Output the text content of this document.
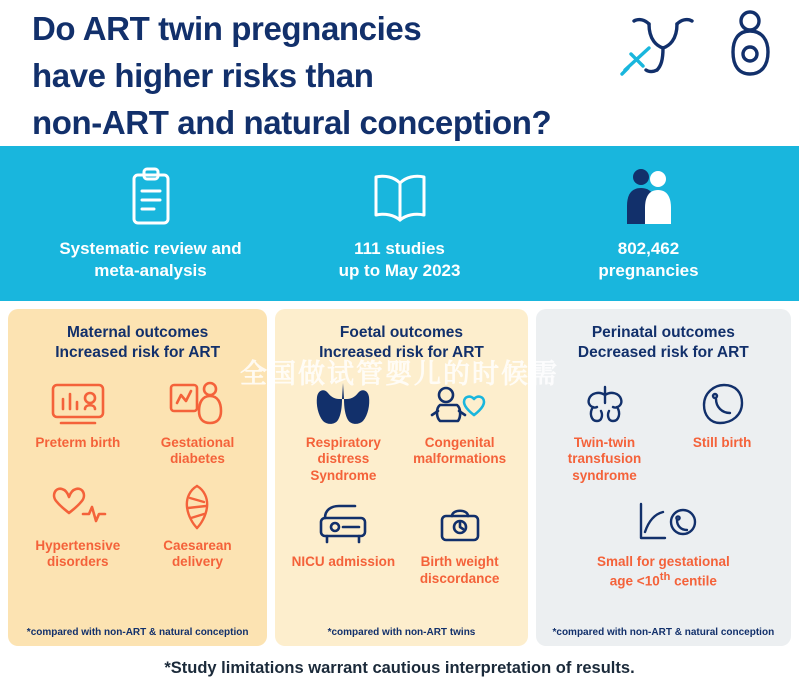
Do ART twin pregnancies
have higher risks than
non-ART and natural conception?
Systematic review and
meta-analysis
111 studies
up to May 2023
802,462
pregnancies
Maternal outcomes
Increased risk for ART
Preterm birth	Gestational
diabetes
Hypertensive
disorders
Caesarean
delivery
*compared with non-ART & natural conception
Foetal outcomes
Increased risk for ART
Respiratory distress
Syndrome
Congenital
malformations
NICU admission	Birth weight
discordance
*compared with non-ART twins
Perinatal outcomes
Decreased risk for ART
Twin-twin
transfusion
syndrome
Still birth
Small for gestational
age <10th centile
*compared with non-ART & natural conception
*Study limitations warrant cautious interpretation of results.
全国做试管婴儿的时候需
